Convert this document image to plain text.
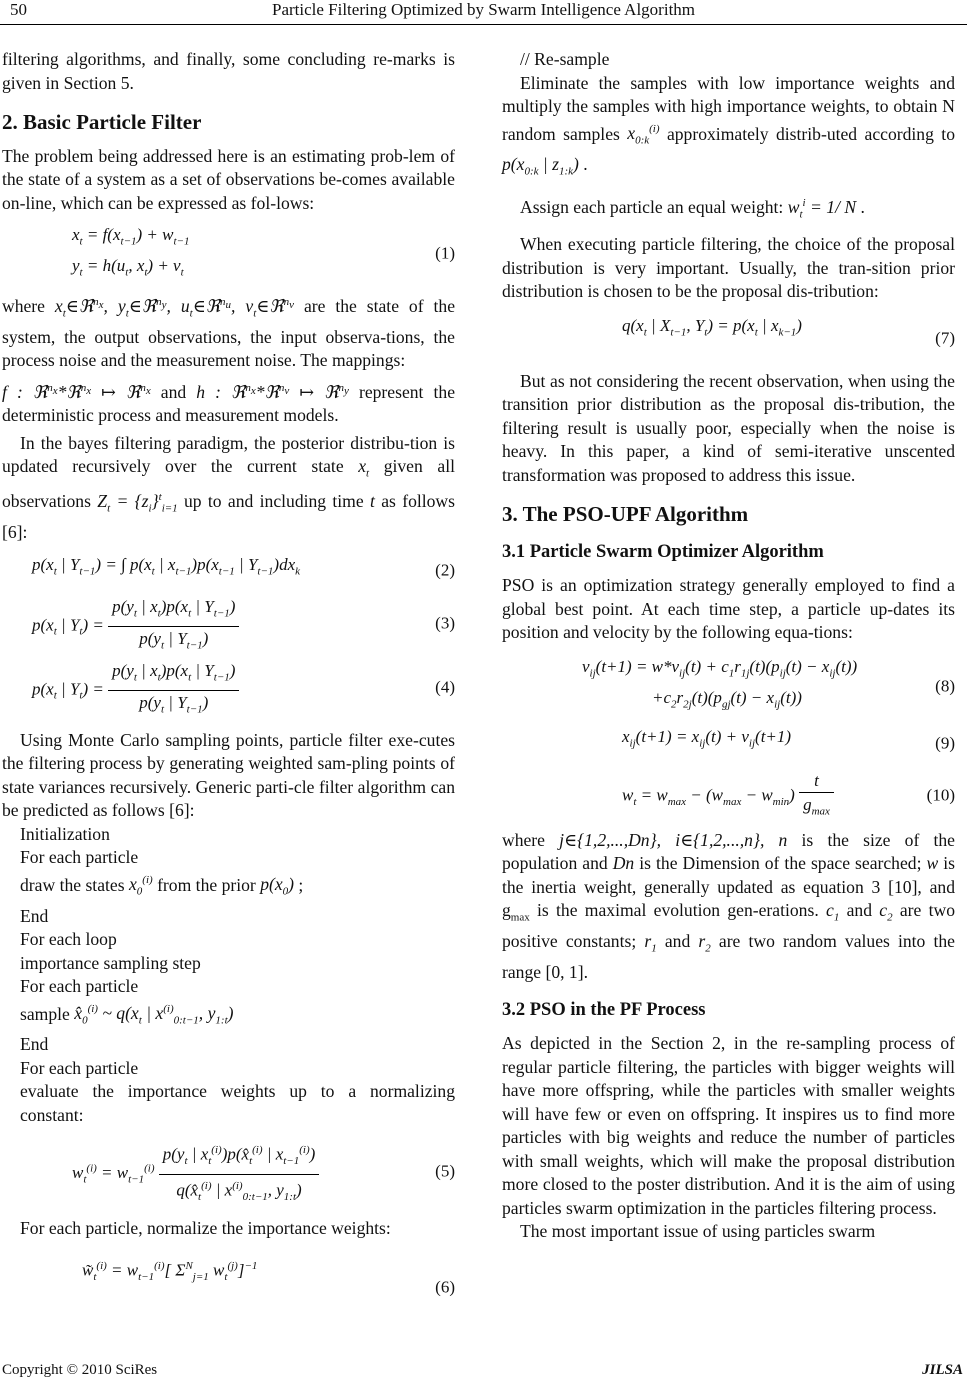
50	Particle Filtering Optimized by Swarm Intelligence Algorithm

filtering algorithms, and finally, some concluding re-marks is given in Section 5.

2. Basic Particle Filter

The problem being addressed here is an estimating prob-lem of the state of a system as a set of observations be-comes available on-line, which can be expressed as fol-lows:

$x_t = f(x_{t-1}) + w_{t-1}$
$y_t = h(u_t$, $x_t) + v_t$
(1)

where $x_t\in ℜ^{n_x}$, $y_t\in ℜ^{n_y}$, $u_t\in ℜ^{n_u}$, $v_t\in ℜ^{n_v}$ are the state of the system, the output observations, the input observa-tions, the process noise and the measurement noise. The mappings:

f : ℜ$^{n_x}$*ℜ$^{n_x}$ ↦ ℜ$^{n_x}$ and h : ℜ$^{n_x}$*ℜ$^{n_v}$ ↦ ℜ$^{n_y}$ represent the deterministic process and measurement models.

In the bayes filtering paradigm, the posterior distribu-tion is updated recursively over the current state $x_t$ given all observations $Z_t = \{z_i\}^t_{i=1}$ up to and including time t as follows [6]:

$p(x_t$ | $Y_{t-1}$) = ∫ $p(x_t$ | $x_{t-1})p(x_{t-1}$ | $Y_{t-1})dx_k$	(2)
$p(x_t$ | $Y_t) = \frac{p(y_t | x_t)p(x_t | Y_{t-1})}{p(y_t | Y_{t-1})}$	(3)
$p(x_t$ | $Y_t) = \frac{p(y_t | x_t)p(x_t | Y_{t-1})}{p(y_t | Y_{t-1})}$	(4)

Using Monte Carlo sampling points, particle filter exe-cutes the filtering process by generating weighted sam-pling points of state variances recursively. Generic parti-cle filter algorithm can be predicted as follows [6]:

Initialization
For each particle
draw the states $x_0^{(i)}$ from the prior $p(x_0)$ ;
End
For each loop
importance sampling step
For each particle
sample $x̂_0^{(i)}$ ~ $q(x_t$ | $x^{(i)}_{0:t-1}$, $y_{1:t}$)
End
For each particle

evaluate the importance weights up to a normalizing constant:

$w_t^{(i)} = w_{t-1}^{(i)} \frac{p(y_t | x_t^{(i)})p(x̂_t^{(i)} | x_{t-1}^{(i)})}{q(x̂_t^{(i)} | x^{(i)}_{0:t-1}, y_{1:t})}$	(5)

For each particle, normalize the importance weights:

$w̃_t^{(i)} = w_{t-1}^{(i)}$[ $\Sigma^N_{j=1}$ $w_t^{(j)}]^{-1}$
(6)

// Re-sample

Eliminate the samples with low importance weights and multiply the samples with high importance weights, to obtain N random samples $x_{0:k}^{(i)}$ approximately distrib-uted according to $p(x_{0:k}$ | $z_{1:k}$) .

Assign each particle an equal weight: $w_t^i = 1/$ N .

When executing particle filtering, the choice of the proposal distribution is very important. Usually, the tran-sition prior distribution is chosen to be the proposal dis-tribution:

$q(x_t$ | $X_{t-1}$, $Y_t) = p(x_t$ | $x_{k-1}$)
(7)

But as not considering the recent observation, when using the transition prior distribution as the proposal dis-tribution, the filtering result is usually poor, especially when the noise is heavy. In this paper, a kind of semi-iterative unscented transformation was proposed to address this issue.

3. The PSO-UPF Algorithm
3.1 Particle Swarm Optimizer Algorithm

PSO is an optimization strategy generally employed to find a global best point. At each time step, a particle up-dates its position and velocity by the following equa-tions:

$v_{ij}(t+1) = w*v_{ij}(t) + c_1r_{1j}(t)(p_{ij}(t) - x_{ij}(t))$
$+c_2r_{2j}(t)(p_{gj}(t) - x_{ij}(t))$
(8)
$x_{ij}(t+1) = x_{ij}(t) + v_{ij}(t+1)$	(9)
$w_t = w_{max} - (w_{max} - w_{min}) \frac{t}{g_{max}}$	(10)

where j∈{1,2,...,Dn}, i∈{1,2,...,n}, n is the size of the population and Dn is the Dimension of the space searched; w is the inertia weight, generally updated as equation 3 [10], and $g_{max}$ is the maximal evolution gen-erations. $c_1$ and $c_2$ are two positive constants; $r_1$ and $r_2$ are two random values into the range [0, 1].

3.2 PSO in the PF Process

As depicted in the Section 2, in the re-sampling process of regular particle filtering, the particles with bigger weights will have more offspring, while the particles with smaller weights will have few or even on offspring. It inspires us to find more particles with big weights and reduce the number of particles with small weights, which will make the proposal distribution more closed to the poster distribution. And it is the aim of using particles swarm optimization in the particles filtering process.

The most important issue of using particles swarm

Copyright © 2010 SciRes	JILSA
